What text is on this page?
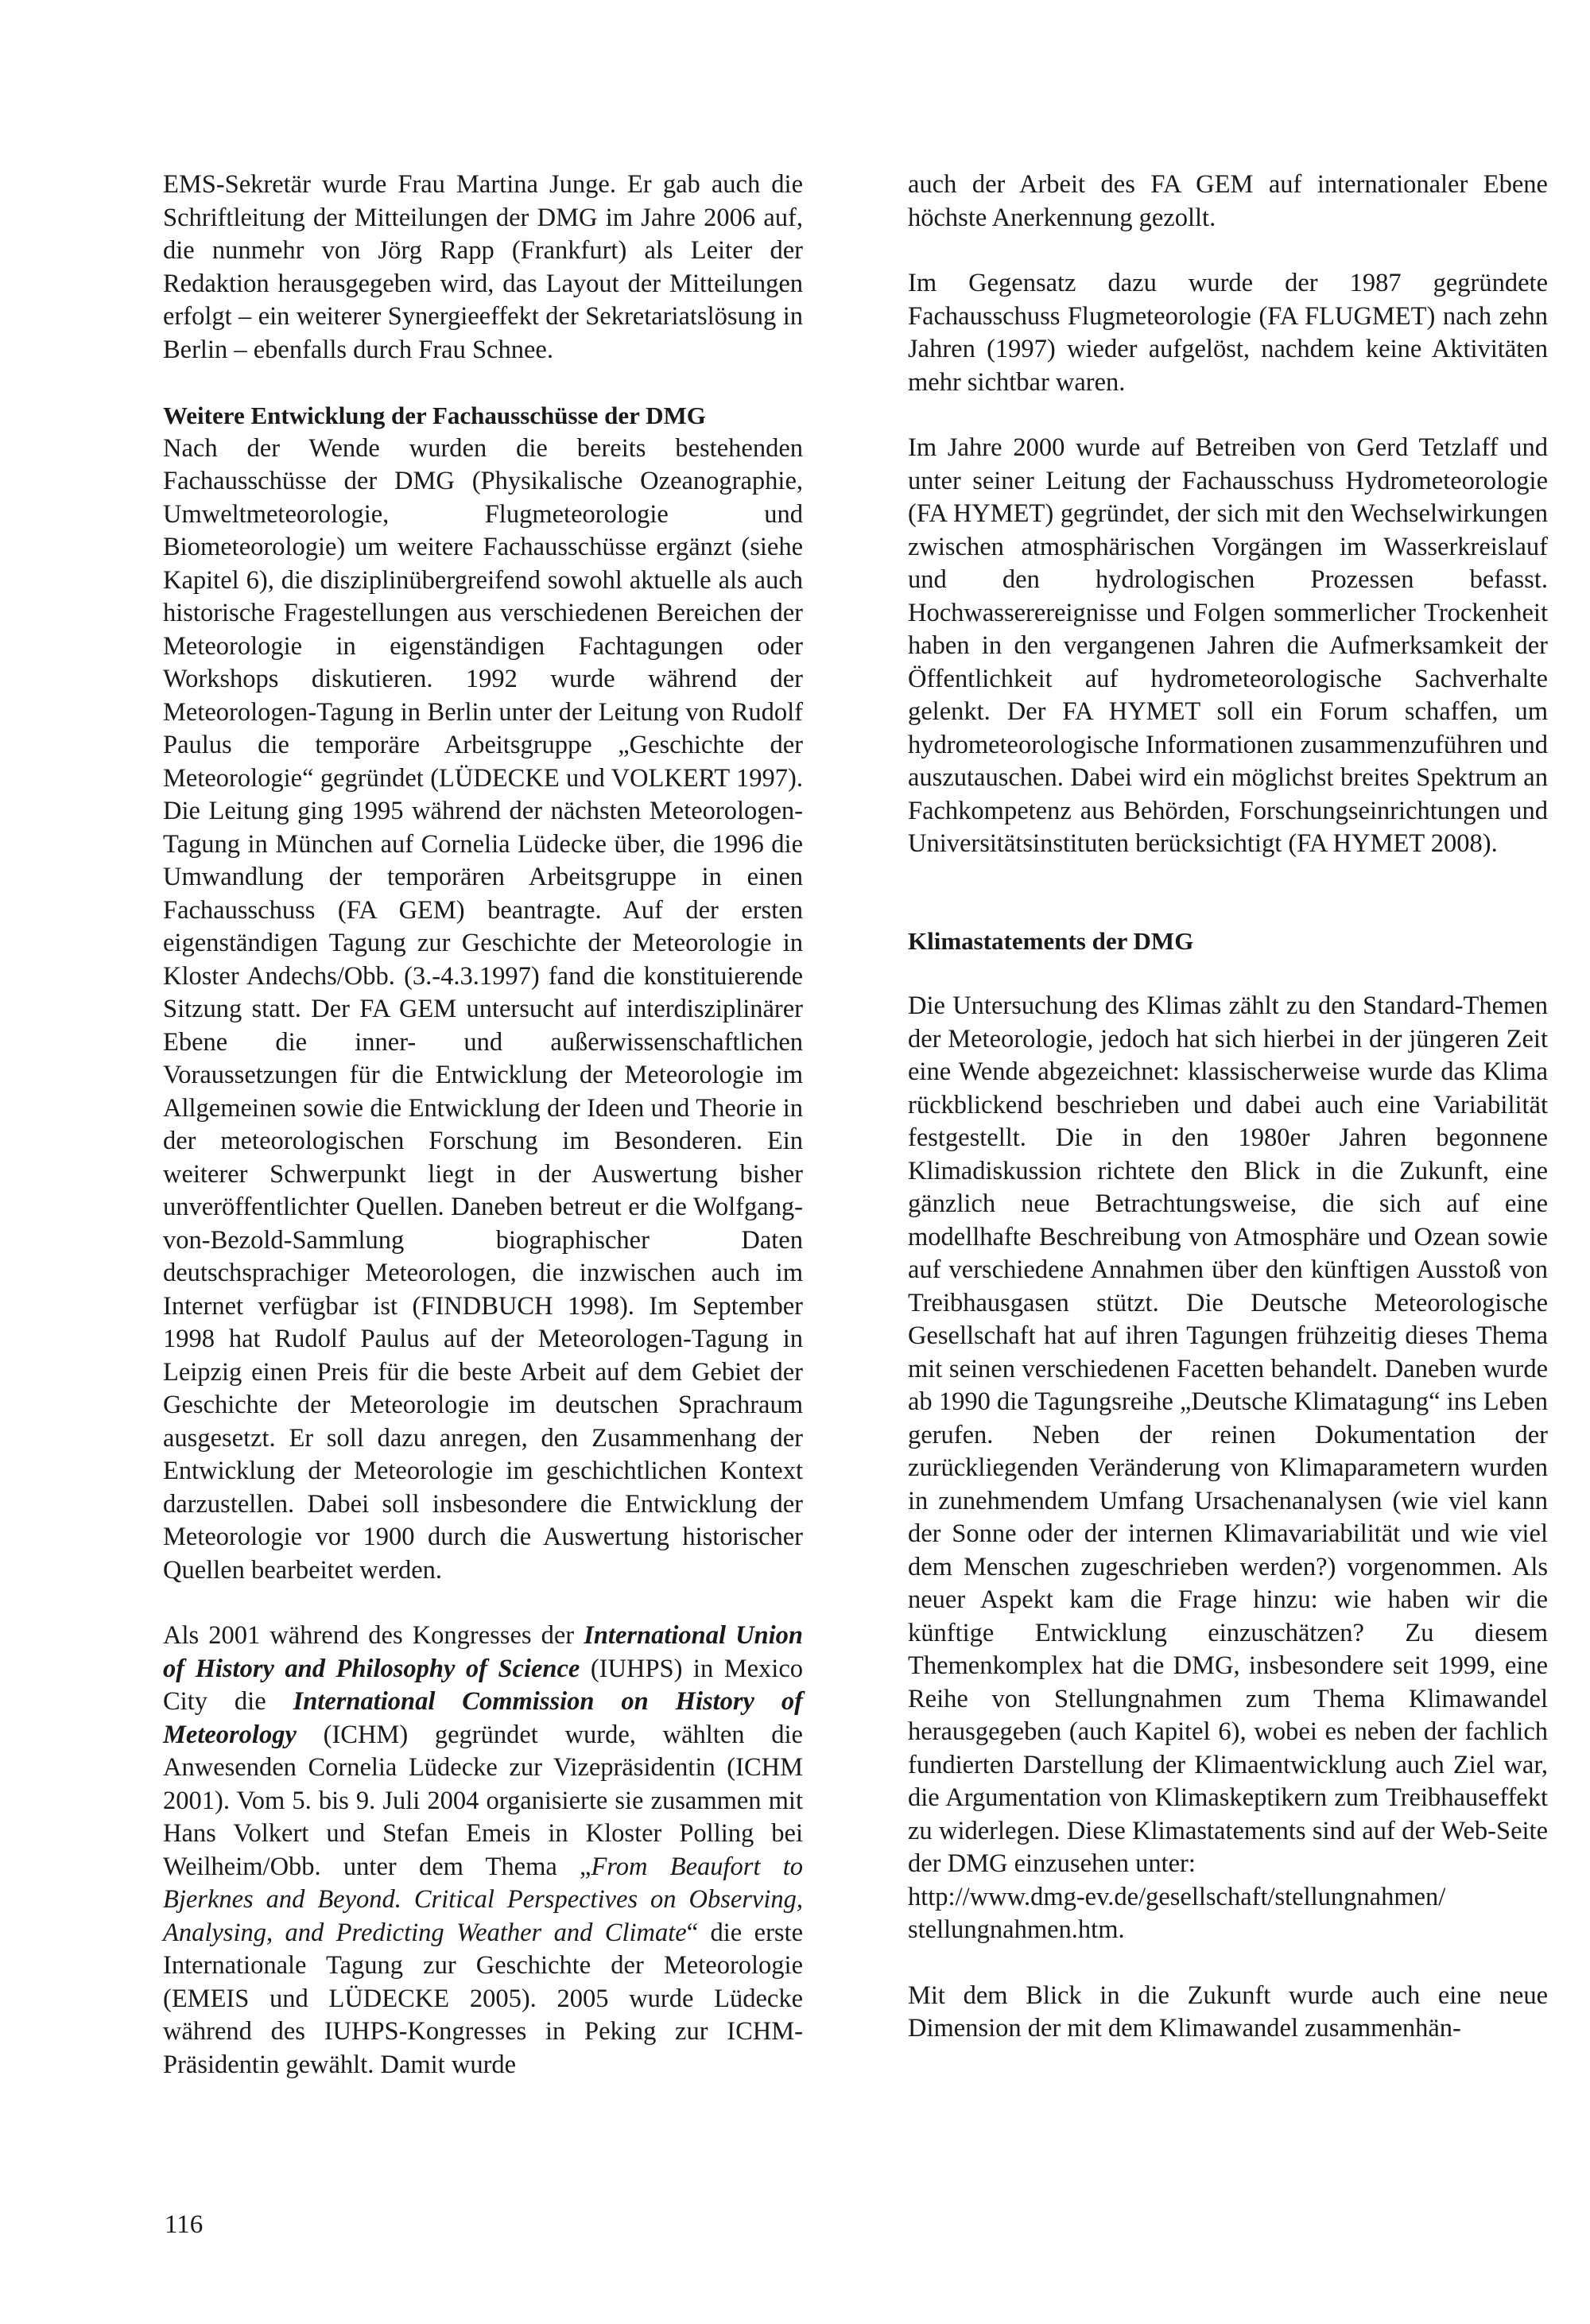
EMS-Sekretär wurde Frau Martina Junge. Er gab auch die Schriftleitung der Mitteilungen der DMG im Jahre 2006 auf, die nunmehr von Jörg Rapp (Frankfurt) als Leiter der Redaktion herausgegeben wird, das Layout der Mitteilungen erfolgt – ein weiterer Synergieeffekt der Sekretariatslösung in Berlin – ebenfalls durch Frau Schnee.

Weitere Entwicklung der Fachausschüsse der DMG

Nach der Wende wurden die bereits bestehenden Fachausschüsse der DMG (Physikalische Ozeanographie, Umweltmeteorologie, Flugmeteorologie und Biometeorologie) um weitere Fachausschüsse ergänzt (siehe Kapitel 6), die disziplinübergreifend sowohl aktuelle als auch historische Fragestellungen aus verschiedenen Bereichen der Meteorologie in eigenständigen Fachtagungen oder Workshops diskutieren. 1992 wurde während der Meteorologen-Tagung in Berlin unter der Leitung von Rudolf Paulus die temporäre Arbeitsgruppe „Geschichte der Meteorologie“ gegründet (LÜDECKE und VOLKERT 1997). Die Leitung ging 1995 während der nächsten Meteorologen-Tagung in München auf Cornelia Lüdecke über, die 1996 die Umwandlung der temporären Arbeitsgruppe in einen Fachausschuss (FA GEM) beantragte. Auf der ersten eigenständigen Tagung zur Geschichte der Meteorologie in Kloster Andechs/Obb. (3.-4.3.1997) fand die konstituierende Sitzung statt. Der FA GEM untersucht auf interdisziplinärer Ebene die inner- und außerwissenschaftlichen Voraussetzungen für die Entwicklung der Meteorologie im Allgemeinen sowie die Entwicklung der Ideen und Theorie in der meteorologischen Forschung im Besonderen. Ein weiterer Schwerpunkt liegt in der Auswertung bisher unveröffentlichter Quellen. Daneben betreut er die Wolfgang-von-Bezold-Sammlung biographischer Daten deutschsprachiger Meteorologen, die inzwischen auch im Internet verfügbar ist (FINDBUCH 1998). Im September 1998 hat Rudolf Paulus auf der Meteorologen-Tagung in Leipzig einen Preis für die beste Arbeit auf dem Gebiet der Geschichte der Meteorologie im deutschen Sprachraum ausgesetzt. Er soll dazu anregen, den Zusammenhang der Entwicklung der Meteorologie im geschichtlichen Kontext darzustellen. Dabei soll insbesondere die Entwicklung der Meteorologie vor 1900 durch die Auswertung historischer Quellen bearbeitet werden.

Als 2001 während des Kongresses der International Union of History and Philosophy of Science (IUHPS) in Mexico City die International Commission on History of Meteorology (ICHM) gegründet wurde, wählten die Anwesenden Cornelia Lüdecke zur Vizepräsidentin (ICHM 2001). Vom 5. bis 9. Juli 2004 organisierte sie zusammen mit Hans Volkert und Stefan Emeis in Kloster Polling bei Weilheim/Obb. unter dem Thema „From Beaufort to Bjerknes and Beyond. Critical Perspectives on Observing, Analysing, and Predicting Weather and Climate“ die erste Internationale Tagung zur Geschichte der Meteorologie (EMEIS und LÜDECKE 2005). 2005 wurde Lüdecke während des IUHPS-Kongresses in Peking zur ICHM-Präsidentin gewählt. Damit wurde

auch der Arbeit des FA GEM auf internationaler Ebene höchste Anerkennung gezollt.

Im Gegensatz dazu wurde der 1987 gegründete Fachausschuss Flugmeteorologie (FA FLUGMET) nach zehn Jahren (1997) wieder aufgelöst, nachdem keine Aktivitäten mehr sichtbar waren.

Im Jahre 2000 wurde auf Betreiben von Gerd Tetzlaff und unter seiner Leitung der Fachausschuss Hydrometeorologie (FA HYMET) gegründet, der sich mit den Wechselwirkungen zwischen atmosphärischen Vorgängen im Wasserkreislauf und den hydrologischen Prozessen befasst. Hochwasserereignisse und Folgen sommerlicher Trockenheit haben in den vergangenen Jahren die Aufmerksamkeit der Öffentlichkeit auf hydrometeorologische Sachverhalte gelenkt. Der FA HYMET soll ein Forum schaffen, um hydrometeorologische Informationen zusammenzuführen und auszutauschen. Dabei wird ein möglichst breites Spektrum an Fachkompetenz aus Behörden, Forschungseinrichtungen und Universitätsinstituten berücksichtigt (FA HYMET 2008).

Klimastatements der DMG

Die Untersuchung des Klimas zählt zu den Standard-Themen der Meteorologie, jedoch hat sich hierbei in der jüngeren Zeit eine Wende abgezeichnet: klassischerweise wurde das Klima rückblickend beschrieben und dabei auch eine Variabilität festgestellt. Die in den 1980er Jahren begonnene Klimadiskussion richtete den Blick in die Zukunft, eine gänzlich neue Betrachtungsweise, die sich auf eine modellhafte Beschreibung von Atmosphäre und Ozean sowie auf verschiedene Annahmen über den künftigen Ausstoß von Treibhausgasen stützt. Die Deutsche Meteorologische Gesellschaft hat auf ihren Tagungen frühzeitig dieses Thema mit seinen verschiedenen Facetten behandelt. Daneben wurde ab 1990 die Tagungsreihe „Deutsche Klimatagung“ ins Leben gerufen. Neben der reinen Dokumentation der zurückliegenden Veränderung von Klimaparametern wurden in zunehmendem Umfang Ursachenanalysen (wie viel kann der Sonne oder der internen Klimavariabilität und wie viel dem Menschen zugeschrieben werden?) vorgenommen. Als neuer Aspekt kam die Frage hinzu: wie haben wir die künftige Entwicklung einzuschätzen? Zu diesem Themenkomplex hat die DMG, insbesondere seit 1999, eine Reihe von Stellungnahmen zum Thema Klimawandel herausgegeben (auch Kapitel 6), wobei es neben der fachlich fundierten Darstellung der Klimaentwicklung auch Ziel war, die Argumentation von Klimaskeptikern zum Treibhauseffekt zu widerlegen. Diese Klimastatements sind auf der Web-Seite der DMG einzusehen unter:
http://www.dmg-ev.de/gesellschaft/stellungnahmen/
stellungnahmen.htm.

Mit dem Blick in die Zukunft wurde auch eine neue Dimension der mit dem Klimawandel zusammenhän-

116
